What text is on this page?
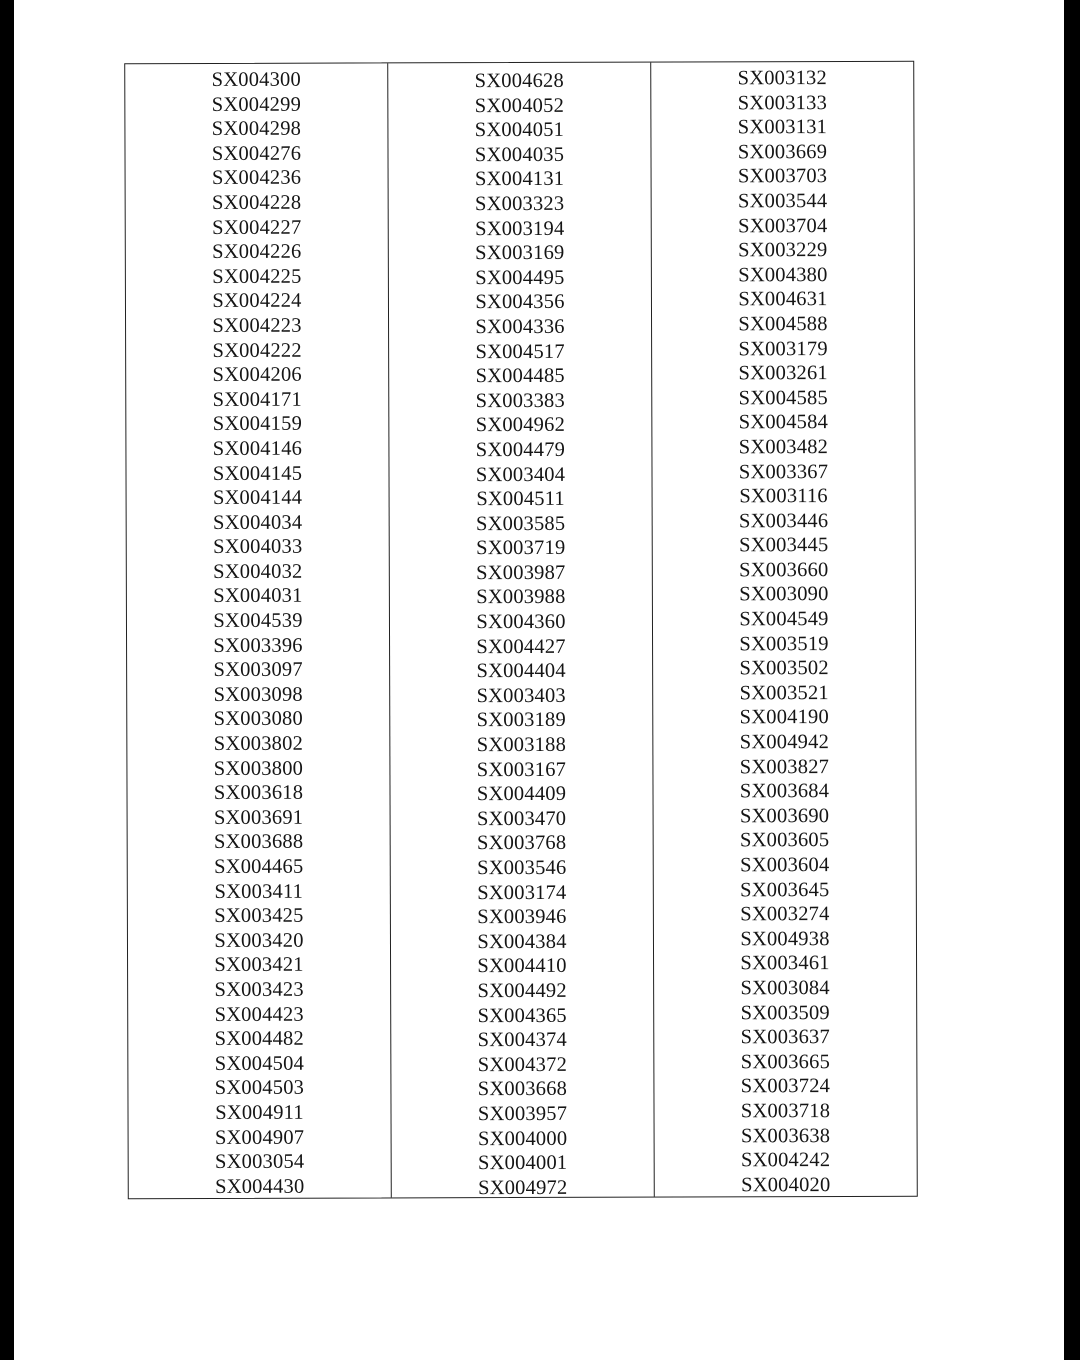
SX004300
SX004299
SX004298
SX004276
SX004236
SX004228
SX004227
SX004226
SX004225
SX004224
SX004223
SX004222
SX004206
SX004171
SX004159
SX004146
SX004145
SX004144
SX004034
SX004033
SX004032
SX004031
SX004539
SX003396
SX003097
SX003098
SX003080
SX003802
SX003800
SX003618
SX003691
SX003688
SX004465
SX003411
SX003425
SX003420
SX003421
SX003423
SX004423
SX004482
SX004504
SX004503
SX004911
SX004907
SX003054
SX004430
SX004628
SX004052
SX004051
SX004035
SX004131
SX003323
SX003194
SX003169
SX004495
SX004356
SX004336
SX004517
SX004485
SX003383
SX004962
SX004479
SX003404
SX004511
SX003585
SX003719
SX003987
SX003988
SX004360
SX004427
SX004404
SX003403
SX003189
SX003188
SX003167
SX004409
SX003470
SX003768
SX003546
SX003174
SX003946
SX004384
SX004410
SX004492
SX004365
SX004374
SX004372
SX003668
SX003957
SX004000
SX004001
SX004972
SX003132
SX003133
SX003131
SX003669
SX003703
SX003544
SX003704
SX003229
SX004380
SX004631
SX004588
SX003179
SX003261
SX004585
SX004584
SX003482
SX003367
SX003116
SX003446
SX003445
SX003660
SX003090
SX004549
SX003519
SX003502
SX003521
SX004190
SX004942
SX003827
SX003684
SX003690
SX003605
SX003604
SX003645
SX003274
SX004938
SX003461
SX003084
SX003509
SX003637
SX003665
SX003724
SX003718
SX003638
SX004242
SX004020
